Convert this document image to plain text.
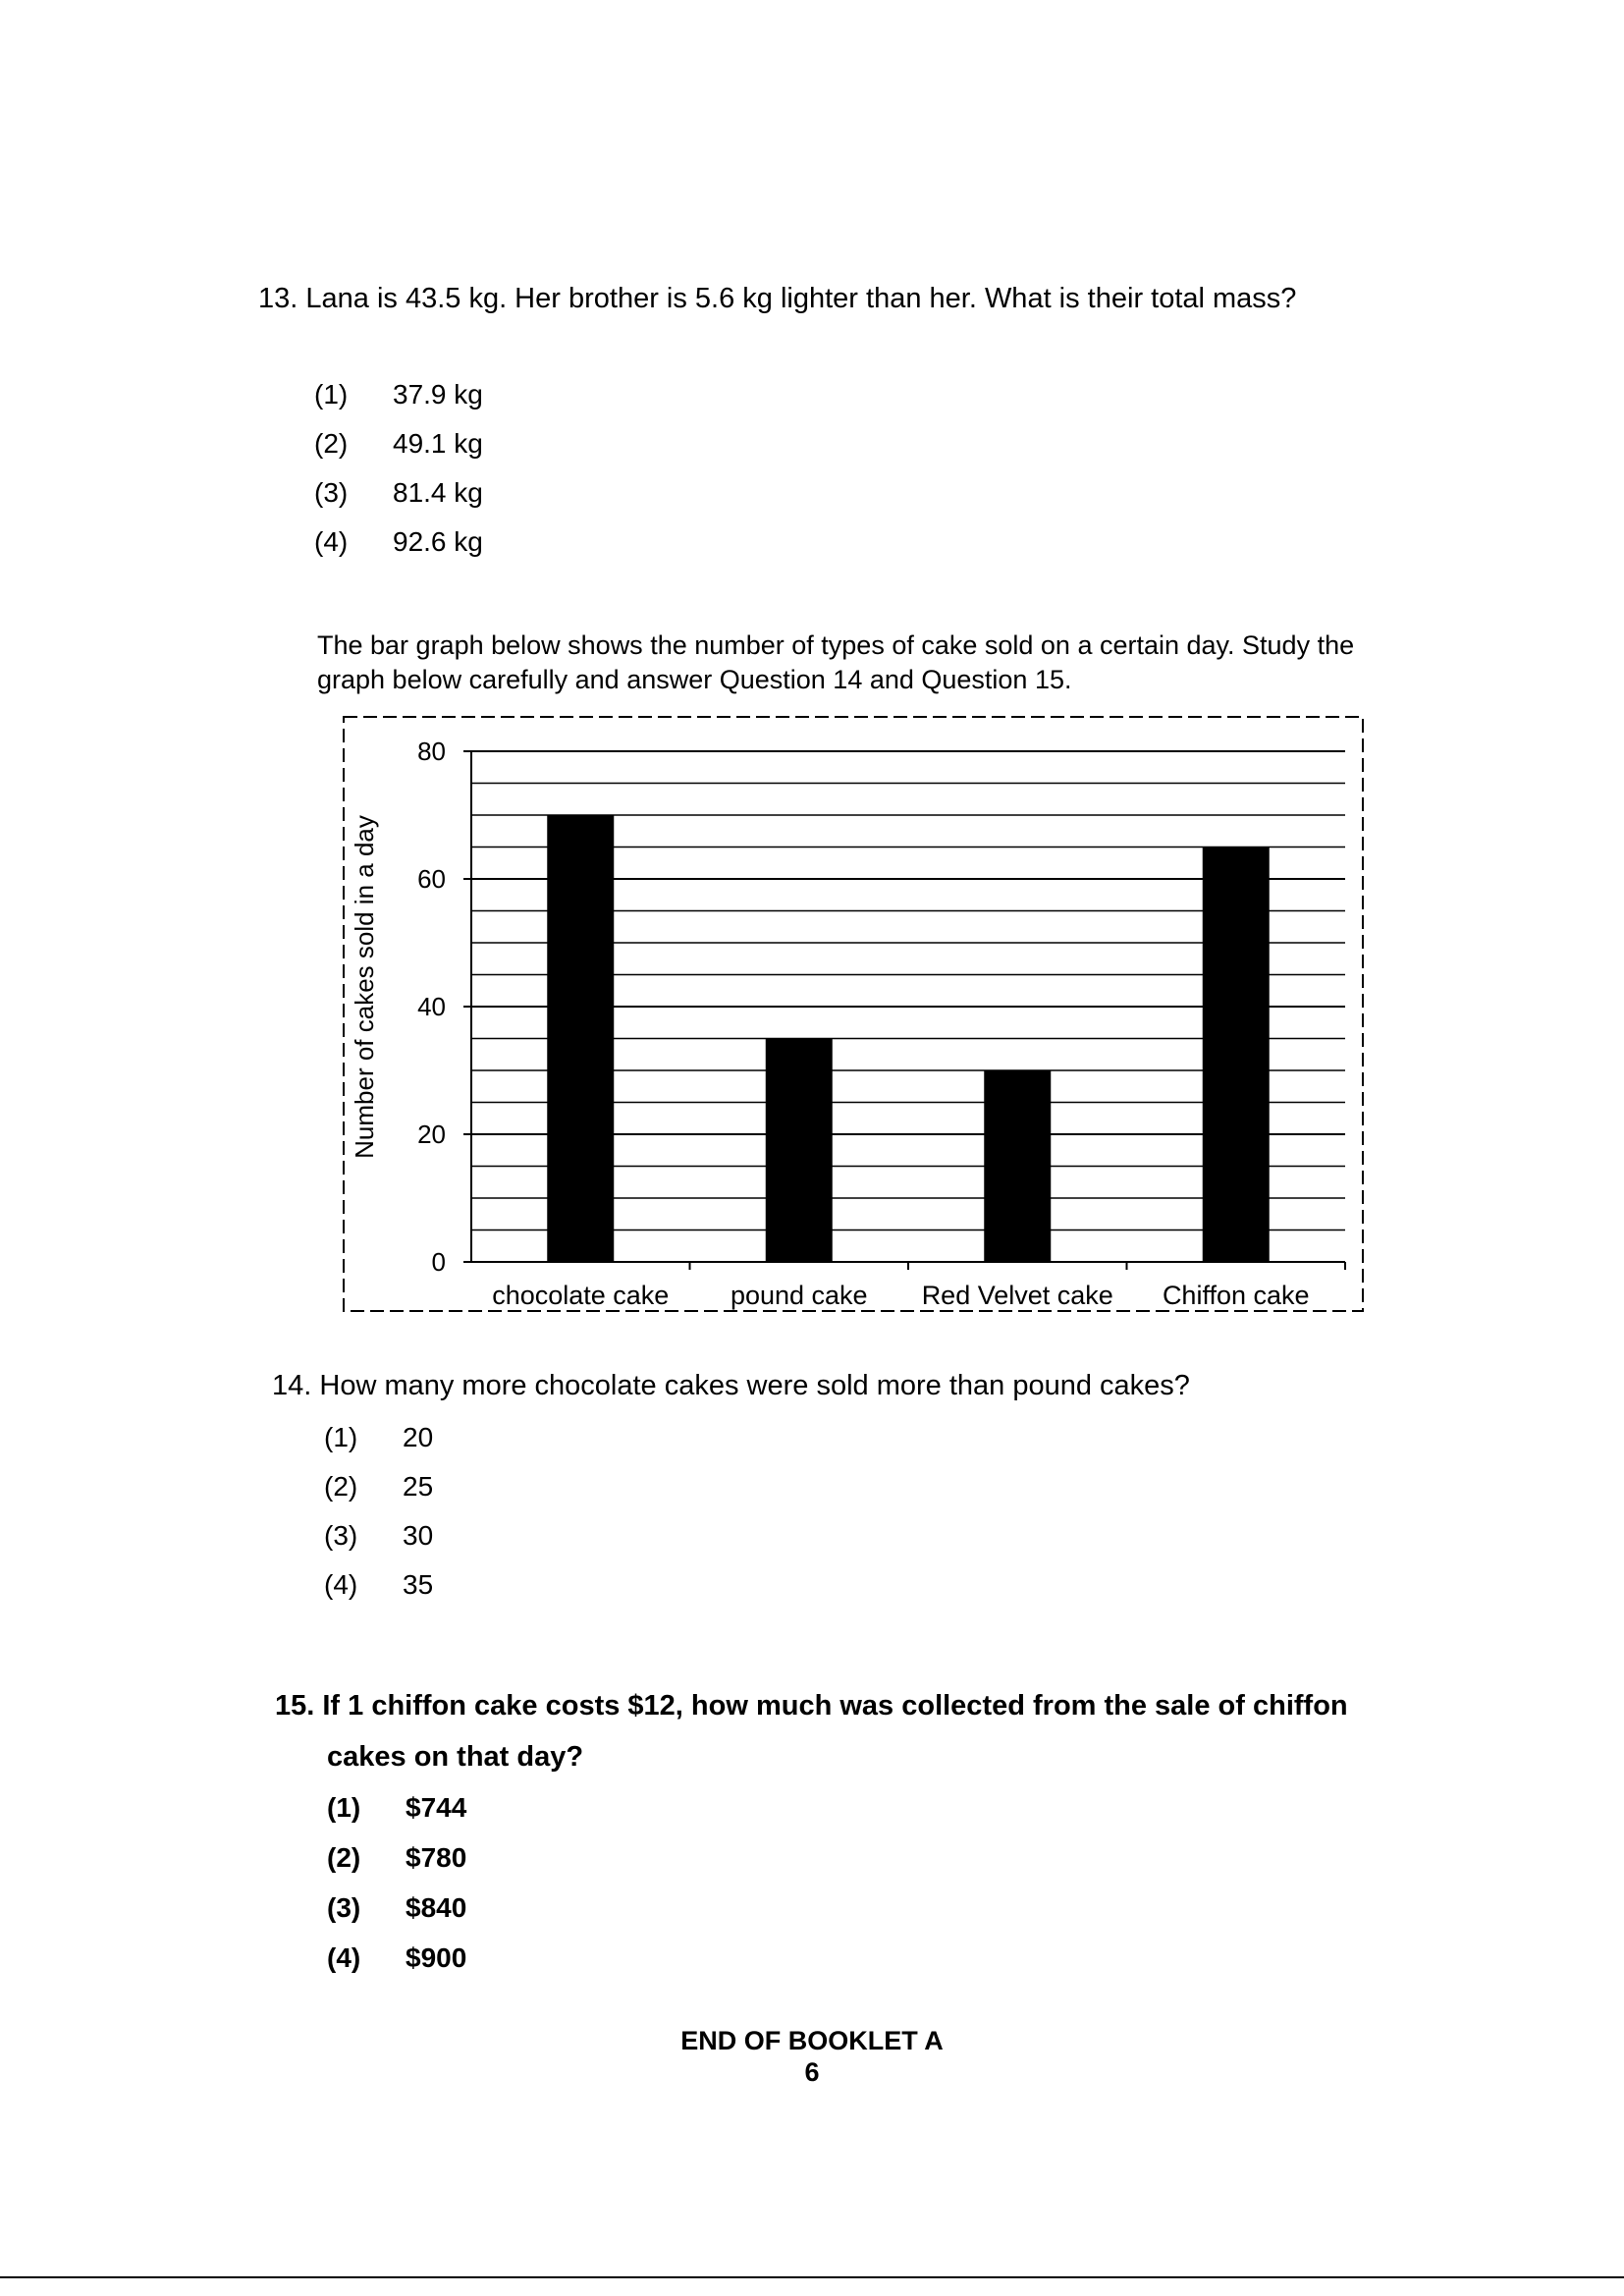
13. Lana is 43.5 kg. Her brother is 5.6 kg lighter than her. What is their total mass?
(1) 37.9 kg
(2) 49.1 kg
(3) 81.4 kg
(4) 92.6 kg
The bar graph below shows the number of types of cake sold on a certain day. Study the graph below carefully and answer Question 14 and Question 15.
0
20
40
60
80
chocolate cake pound cake Red Velvet cake Chiffon cake
Number of cakes sold in a day
14. How many more chocolate cakes were sold more than pound cakes?
(1) 20
(2) 25
(3) 30
(4) 35
15. If 1 chiffon cake costs $12, how much was collected from the sale of chiffon
cakes on that day?
(1) $744
(2) $780
(3) $840
(4) $900
END OF BOOKLET A
6
